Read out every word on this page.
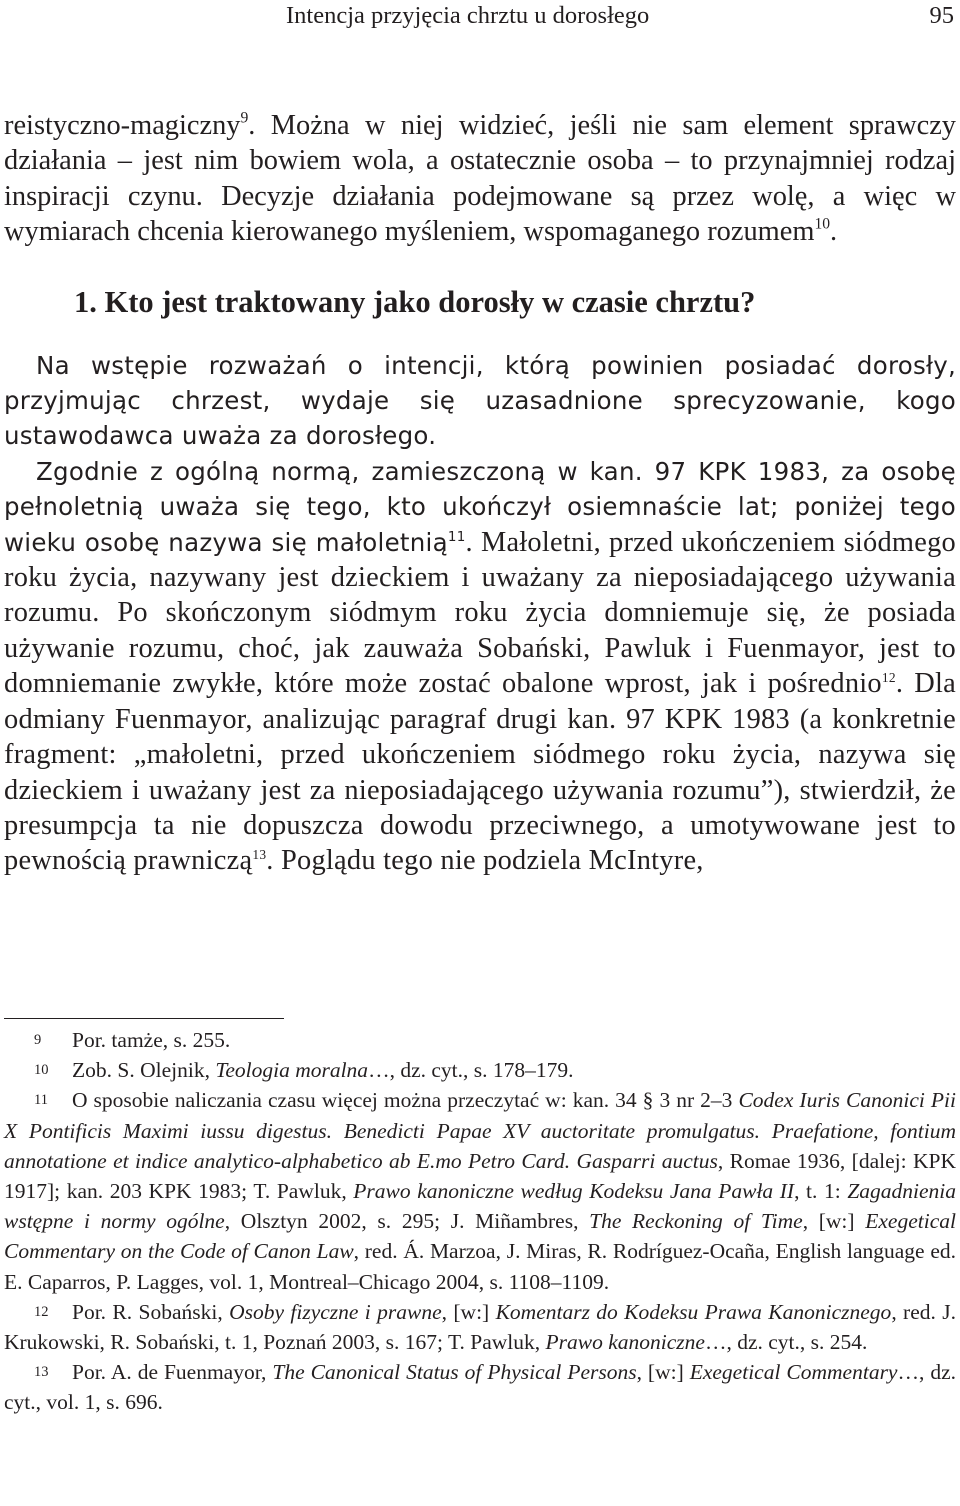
Intencja przyjęcia chrztu u dorosłego	95

reistyczno-magiczny$^9$. Można w niej widzieć, jeśli nie sam element sprawczy działania – jest nim bowiem wola, a ostatecznie osoba – to przynajmniej rodzaj inspiracji czynu. Decyzje działania podejmowane są przez wolę, a więc w wymiarach chcenia kierowanego myśleniem, wspomaganego rozumem$^{10}$.

1. Kto jest traktowany jako dorosły w czasie chrztu?

Na wstępie rozważań o intencji, którą powinien posiadać dorosły, przyjmując chrzest, wydaje się uzasadnione sprecyzowanie, kogo ustawodawca uważa za dorosłego.

Zgodnie z ogólną normą, zamieszczoną w kan. 97 KPK 1983, za osobę pełnoletnią uważa się tego, kto ukończył osiemnaście lat; poniżej tego wieku osobę nazywa się małoletnią$^{11}$. Małoletni, przed ukończeniem siódmego roku życia, nazywany jest dzieckiem i uważany za nieposiadającego używania rozumu. Po skończonym siódmym roku życia domniemuje się, że posiada używanie rozumu, choć, jak zauważa Sobański, Pawluk i Fuenmayor, jest to domniemanie zwykłe, które może zostać obalone wprost, jak i pośrednio$^{12}$. Dla odmiany Fuenmayor, analizując paragraf drugi kan. 97 KPK 1983 (a konkretnie fragment: „małoletni, przed ukończeniem siódmego roku życia, nazywa się dzieckiem i uważany jest za nieposiadającego używania rozumu”), stwierdził, że presumpcja ta nie dopuszcza dowodu przeciwnego, a umotywowane jest to pewnością prawniczą$^{13}$. Poglądu tego nie podziela McIntyre,

9 Por. tamże, s. 255.

10 Zob. S. Olejnik, Teologia moralna…, dz. cyt., s. 178–179.

11 O sposobie naliczania czasu więcej można przeczytać w: kan. 34 § 3 nr 2–3 Codex Iuris Canonici Pii X Pontificis Maximi iussu digestus. Benedicti Papae XV auctoritate promulgatus. Praefatione, fontium annotatione et indice analytico-alphabetico ab E.mo Petro Card. Gasparri auctus, Romae 1936, [dalej: KPK 1917]; kan. 203 KPK 1983; T. Pawluk, Prawo kanoniczne według Kodeksu Jana Pawła II, t. 1: Zagadnienia wstępne i normy ogólne, Olsztyn 2002, s. 295; J. Miñambres, The Reckoning of Time, [w:] Exegetical Commentary on the Code of Canon Law, red. Á. Marzoa, J. Miras, R. Rodríguez-Ocaña, English language ed. E. Caparros, P. Lagges, vol. 1, Montreal–Chicago 2004, s. 1108–1109.

12 Por. R. Sobański, Osoby fizyczne i prawne, [w:] Komentarz do Kodeksu Prawa Kanonicznego, red. J. Krukowski, R. Sobański, t. 1, Poznań 2003, s. 167; T. Pawluk, Prawo kanoniczne…, dz. cyt., s. 254.

13 Por. A. de Fuenmayor, The Canonical Status of Physical Persons, [w:] Exegetical Commentary…, dz. cyt., vol. 1, s. 696.
